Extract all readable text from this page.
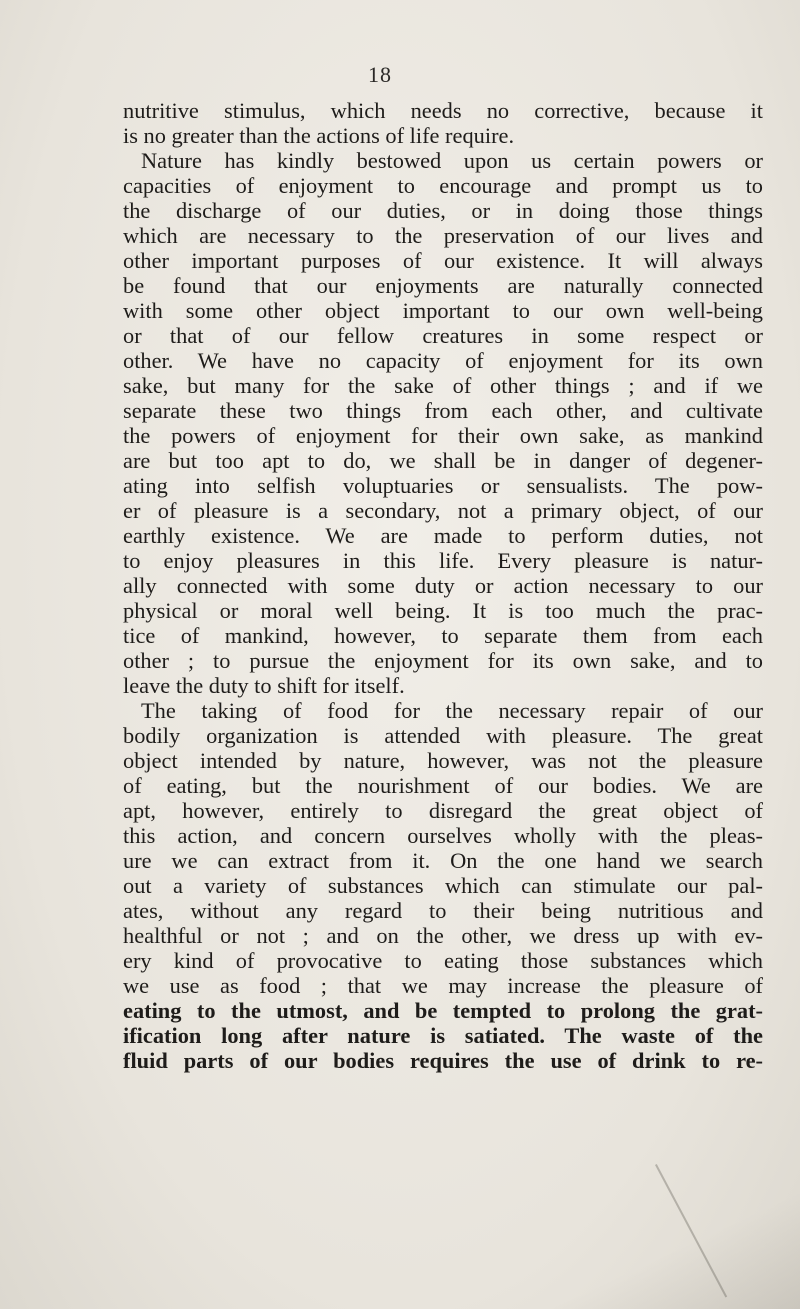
18
nutritive stimulus, which needs no corrective, because it
is no greater than the actions of life require.
Nature has kindly bestowed upon us certain powers or
capacities of enjoyment to encourage and prompt us to
the discharge of our duties, or in doing those things
which are necessary to the preservation of our lives and
other important purposes of our existence. It will always
be found that our enjoyments are naturally connected
with some other object important to our own well-being
or that of our fellow creatures in some respect or
other. We have no capacity of enjoyment for its own
sake, but many for the sake of other things ; and if we
separate these two things from each other, and cultivate
the powers of enjoyment for their own sake, as mankind
are but too apt to do, we shall be in danger of degener-
ating into selfish voluptuaries or sensualists. The pow-
er of pleasure is a secondary, not a primary object, of our
earthly existence. We are made to perform duties, not
to enjoy pleasures in this life. Every pleasure is natur-
ally connected with some duty or action necessary to our
physical or moral well being. It is too much the prac-
tice of mankind, however, to separate them from each
other ; to pursue the enjoyment for its own sake, and to
leave the duty to shift for itself.
The taking of food for the necessary repair of our
bodily organization is attended with pleasure. The great
object intended by nature, however, was not the pleasure
of eating, but the nourishment of our bodies. We are
apt, however, entirely to disregard the great object of
this action, and concern ourselves wholly with the pleas-
ure we can extract from it. On the one hand we search
out a variety of substances which can stimulate our pal-
ates, without any regard to their being nutritious and
healthful or not ; and on the other, we dress up with ev-
ery kind of provocative to eating those substances which
we use as food ; that we may increase the pleasure of
eating to the utmost, and be tempted to prolong the grat-
ification long after nature is satiated. The waste of the
fluid parts of our bodies requires the use of drink to re-
